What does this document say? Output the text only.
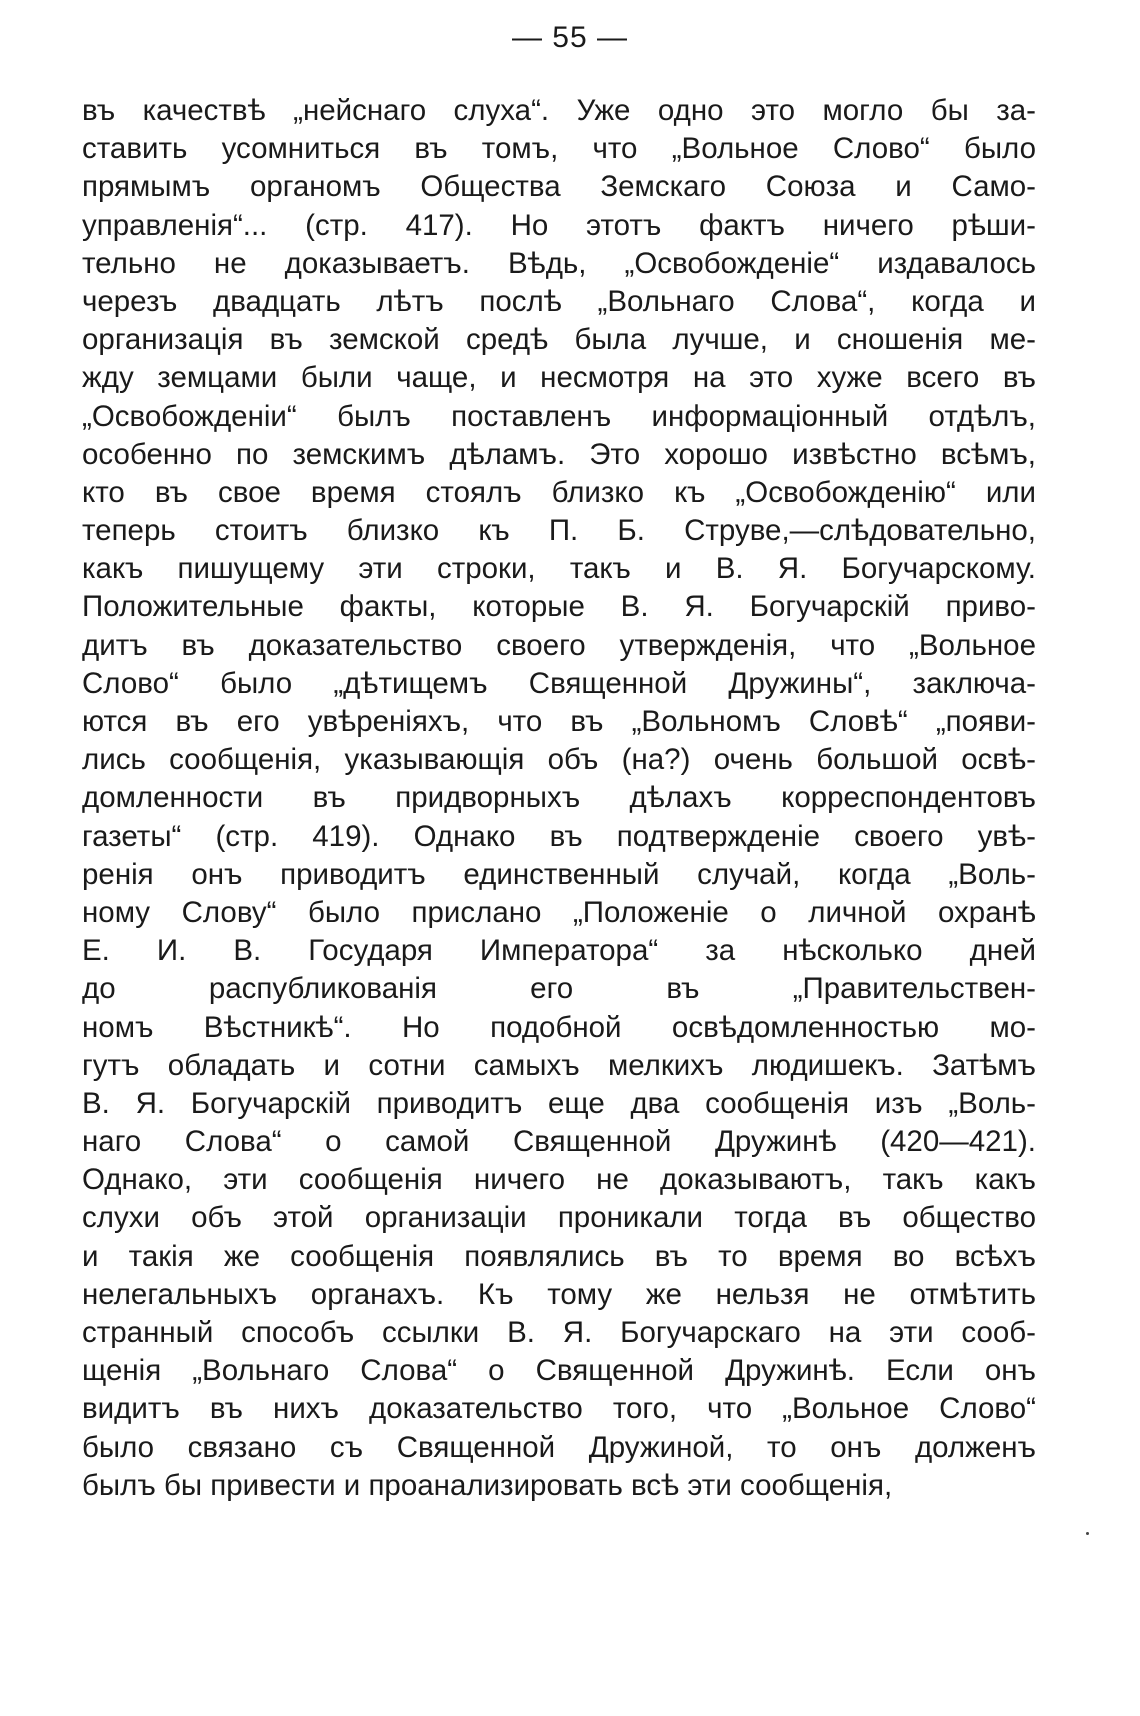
— 55 —
въ качествѣ „нейснаго слуха“. Уже одно это могло бы за-
ставить усомниться въ томъ, что „Вольное Слово“ было
прямымъ органомъ Общества Земскаго Союза и Само-
управленія“... (стр. 417). Но этотъ фактъ ничего рѣши-
тельно не доказываетъ. Вѣдь, „Освобожденіе“ издавалось
черезъ двадцать лѣтъ послѣ „Вольнаго Слова“, когда и
организація въ земской средѣ была лучше, и сношенія ме-
жду земцами были чаще, и несмотря на это хуже всего въ
„Освобожденіи“ былъ поставленъ информаціонный отдѣлъ,
особенно по земскимъ дѣламъ. Это хорошо извѣстно всѣмъ,
кто въ свое время стоялъ близко къ „Освобожденію“ или
теперь стоитъ близко къ П. Б. Струве,—слѣдовательно,
какъ пишущему эти строки, такъ и В. Я. Богучарскому.
Положительные факты, которые В. Я. Богучарскій приво-
дитъ въ доказательство своего утвержденія, что „Вольное
Слово“ было „дѣтищемъ Священной Дружины“, заключа-
ются въ его увѣреніяхъ, что въ „Вольномъ Словѣ“ „появи-
лись сообщенія, указывающія объ (на?) очень большой освѣ-
домленности въ придворныхъ дѣлахъ корреспондентовъ
газеты“ (стр. 419). Однако въ подтвержденіе своего увѣ-
ренія онъ приводитъ единственный случай, когда „Воль-
ному Слову“ было прислано „Положеніе о личной охранѣ
Е. И. В. Государя Императора“ за нѣсколько дней
до распубликованія его въ „Правительствен-
номъ Вѣстникѣ“. Но подобной освѣдомленностью мо-
гутъ обладать и сотни самыхъ мелкихъ людишекъ. Затѣмъ
В. Я. Богучарскій приводитъ еще два сообщенія изъ „Воль-
наго Слова“ о самой Священной Дружинѣ (420—421).
Однако, эти сообщенія ничего не доказываютъ, такъ какъ
слухи объ этой организаціи проникали тогда въ общество
и такія же сообщенія появлялись въ то время во всѣхъ
нелегальныхъ органахъ. Къ тому же нельзя не отмѣтить
странный способъ ссылки В. Я. Богучарскаго на эти сооб-
щенія „Вольнаго Слова“ о Священной Дружинѣ. Если онъ
видитъ въ нихъ доказательство того, что „Вольное Слово“
было связано съ Священной Дружиной, то онъ долженъ
былъ бы привести и проанализировать всѣ эти сообщенія,
